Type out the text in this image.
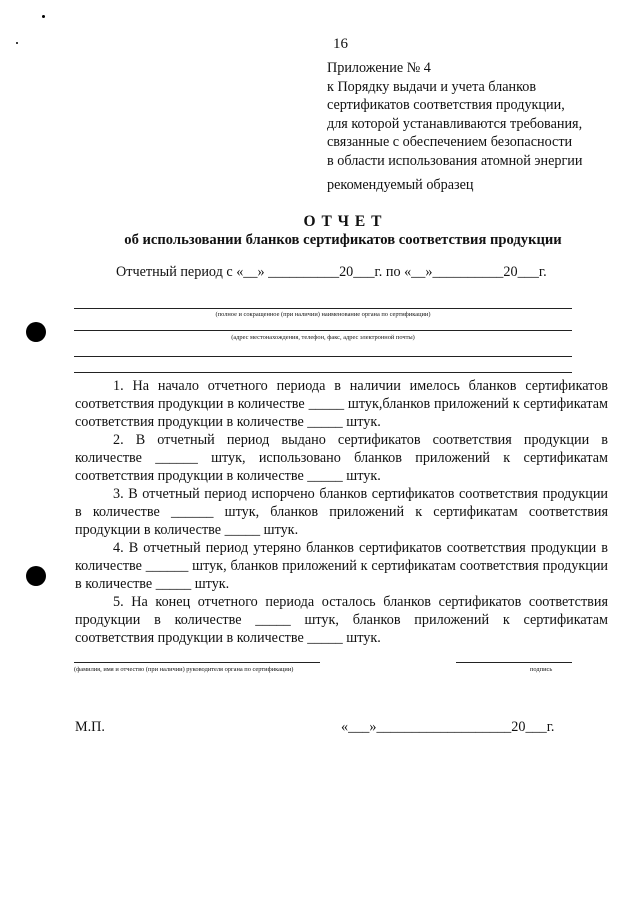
16
Приложение № 4
к Порядку выдачи и учета бланков
сертификатов соответствия продукции,
для которой устанавливаются требования,
связанные с обеспечением безопасности
в области использования атомной энергии
рекомендуемый образец
О Т Ч Е Т
об использовании бланков сертификатов соответствия продукции
Отчетный период с «__» __________20___г. по «__»__________20___г.
(полное и сокращенное (при наличии) наименование органа по сертификации)
(адрес местонахождения, телефон, факс, адрес электронной почты)

1. На начало отчетного периода в наличии имелось бланков сертификатов соответствия продукции в количестве _____ штук,бланков приложений к сертификатам соответствия продукции в количестве _____ штук.

2. В отчетный период выдано сертификатов соответствия продукции в количестве ______ штук, использовано бланков приложений к сертификатам соответствия продукции в количестве _____ штук.

3. В отчетный период испорчено бланков сертификатов соответствия продукции в количестве ______ штук, бланков приложений к сертификатам соответствия продукции в количестве _____ штук.

4. В отчетный период утеряно бланков сертификатов соответствия продукции в количестве ______ штук, бланков приложений к сертификатам соответствия продукции в количестве _____ штук.

5. На конец отчетного периода осталось бланков сертификатов соответствия продукции в количестве _____ штук, бланков приложений к сертификатам соответствия продукции в количестве _____ штук.

(фамилия, имя и отчество (при наличии) руководителя органа по сертификации)	подпись
М.П.	«___»___________________20___г.
